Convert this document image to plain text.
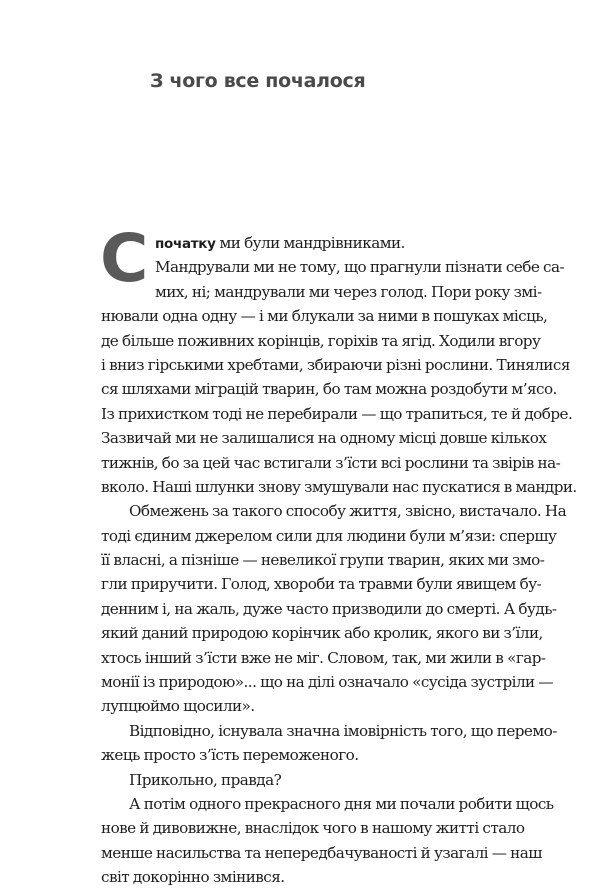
З чого все почалося
С початку ми були мандрівниками.
Мандрували ми не тому, що прагнули пізнати себе са-
мих, ні; мандрували ми через голод. Пори року змі-
нювали одна одну — і ми блукали за ними в пошуках місць,
де більше поживних корінців, горіхів та ягід. Ходили вгору
і вниз гірськими хребтами, збираючи різні рослини. Тинялися
ся шляхами міграцій тварин, бо там можна роздобути м’ясо.
Із прихистком тоді не перебирали — що трапиться, те й добре.
Зазвичай ми не залишалися на одному місці довше кількох
тижнів, бо за цей час встигали з’їсти всі рослини та звірів на-
вколо. Наші шлунки знову змушували нас пускатися в мандри.
Обмежень за такого способу життя, звісно, вистачало. На
тоді єдиним джерелом сили для людини були м’язи: спершу
її власні, а пізніше — невеликої групи тварин, яких ми змо-
гли приручити. Голод, хвороби та травми були явищем бу-
денним і, на жаль, дуже часто призводили до смерті. А будь-
який даний природою корінчик або кролик, якого ви з’їли,
хтось інший з’їсти вже не міг. Словом, так, ми жили в «гар-
монії із природою»... що на ділі означало «сусіда зустріли —
лупцюймо щосили».
Відповідно, існувала значна імовірність того, що перемо-
жець просто з’їсть переможеного.
Прикольно, правда?
А потім одного прекрасного дня ми почали робити щось
нове й дивовижне, внаслідок чого в нашому житті стало
менше насильства та непередбачуваності й узагалі — наш
світ докорінно змінився.
